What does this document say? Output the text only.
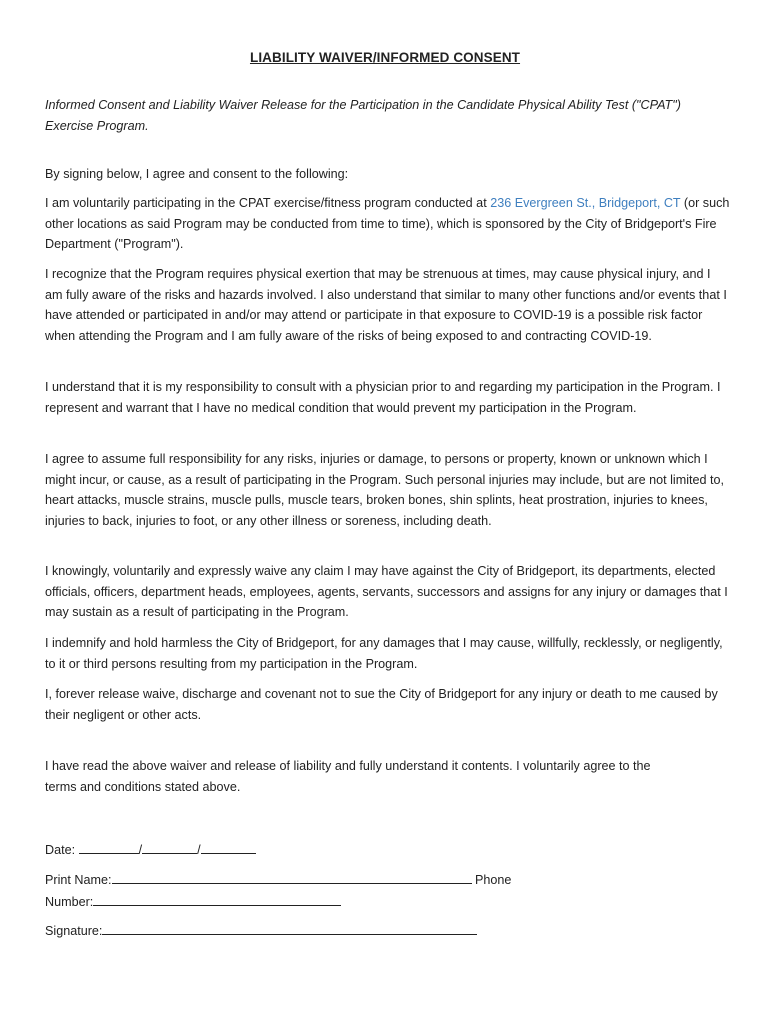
LIABILITY WAIVER/INFORMED CONSENT
Informed Consent and Liability Waiver Release for the Participation in the Candidate Physical Ability Test ("CPAT") Exercise Program.
By signing below, I agree and consent to the following:
I am voluntarily participating in the CPAT exercise/fitness program conducted at 236 Evergreen St., Bridgeport, CT (or such other locations as said Program may be conducted from time to time), which is sponsored by the City of Bridgeport's Fire Department ("Program").
I recognize that the Program requires physical exertion that may be strenuous at times, may cause physical injury, and I am fully aware of the risks and hazards involved. I also understand that similar to many other functions and/or events that I have attended or participated in and/or may attend or participate in that exposure to COVID-19 is a possible risk factor when attending the Program and I am fully aware of the risks of being exposed to and contracting COVID-19.
I understand that it is my responsibility to consult with a physician prior to and regarding my participation in the Program. I represent and warrant that I have no medical condition that would prevent my participation in the Program.
I agree to assume full responsibility for any risks, injuries or damage, to persons or property, known or unknown which I might incur, or cause, as a result of participating in the Program. Such personal injuries may include, but are not limited to, heart attacks, muscle strains, muscle pulls, muscle tears, broken bones, shin splints, heat prostration, injuries to knees, injuries to back, injuries to foot, or any other illness or soreness, including death.
I knowingly, voluntarily and expressly waive any claim I may have against the City of Bridgeport, its departments, elected officials, officers, department heads, employees, agents, servants, successors and assigns for any injury or damages that I may sustain as a result of participating in the Program.
I indemnify and hold harmless the City of Bridgeport, for any damages that I may cause, willfully, recklessly, or negligently, to it or third persons resulting from my participation in the Program.
I, forever release waive, discharge and covenant not to sue the City of Bridgeport for any injury or death to me caused by their negligent or other acts.
I have read the above waiver and release of liability and fully understand it contents. I voluntarily agree to the terms and conditions stated above.
Date:	/	/
Print Name:	Phone Number:
Signature:
